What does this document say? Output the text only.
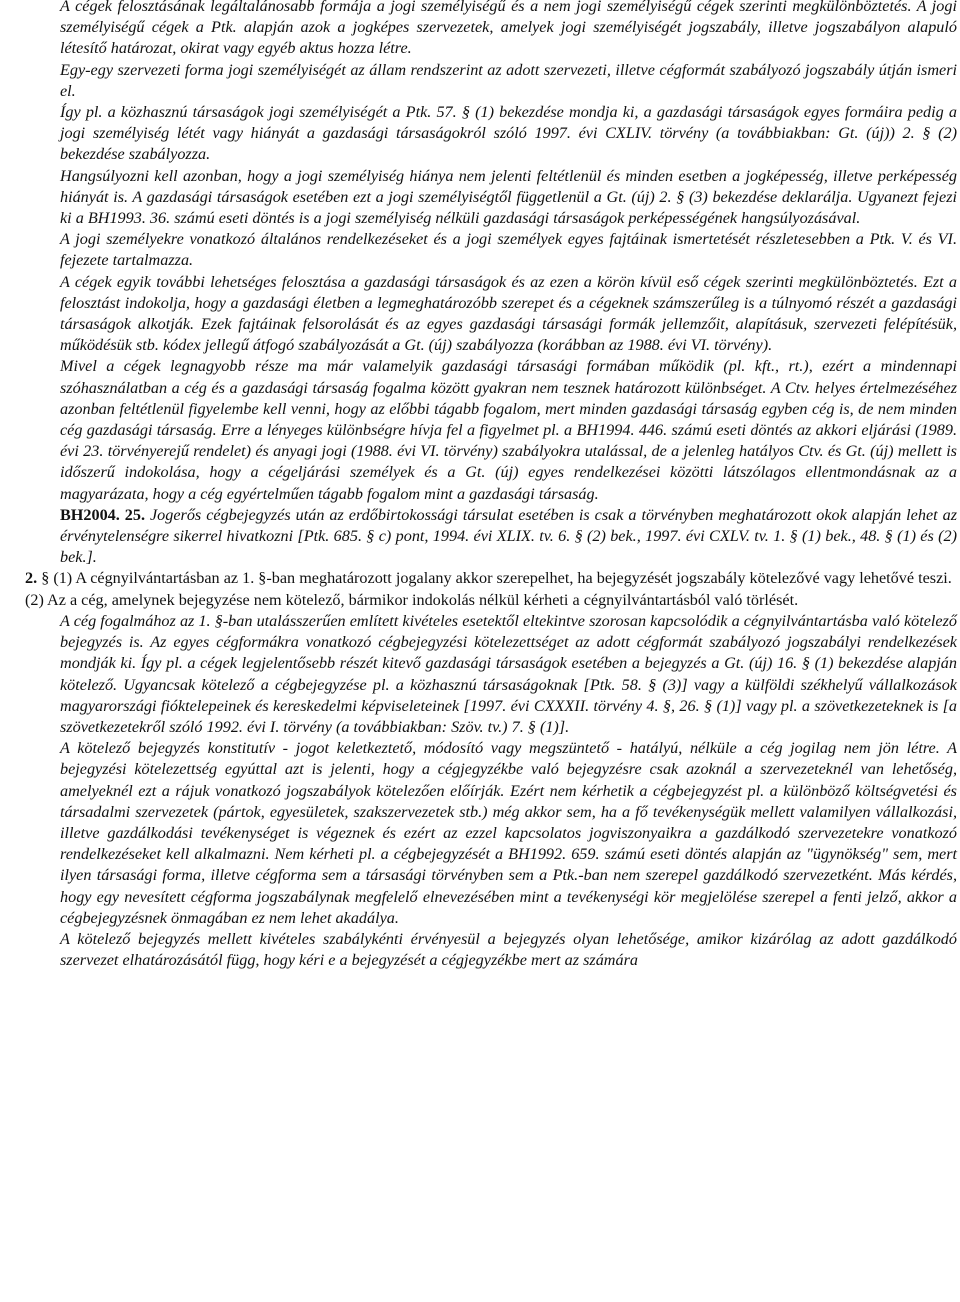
A cégek felosztásának legáltalánosabb formája a jogi személyiségű és a nem jogi személyiségű cégek szerinti megkülönböztetés. A jogi személyiségű cégek a Ptk. alapján azok a jogképes szervezetek, amelyek jogi személyiségét jogszabály, illetve jogszabályon alapuló létesítő határozat, okirat vagy egyéb aktus hozza létre.

Egy-egy szervezeti forma jogi személyiségét az állam rendszerint az adott szervezeti, illetve cégformát szabályozó jogszabály útján ismeri el.

Így pl. a közhasznú társaságok jogi személyiségét a Ptk. 57. § (1) bekezdése mondja ki, a gazdasági társaságok egyes formáira pedig a jogi személyiség létét vagy hiányát a gazdasági társaságokról szóló 1997. évi CXLIV. törvény (a továbbiakban: Gt. (új)) 2. § (2) bekezdése szabályozza.

Hangsúlyozni kell azonban, hogy a jogi személyiség hiánya nem jelenti feltétlenül és minden esetben a jogképesség, illetve perképesség hiányát is. A gazdasági társaságok esetében ezt a jogi személyiségtől függetlenül a Gt. (új) 2. § (3) bekezdése deklarálja. Ugyanezt fejezi ki a BH1993. 36. számú eseti döntés is a jogi személyiség nélküli gazdasági társaságok perképességének hangsúlyozásával.

A jogi személyekre vonatkozó általános rendelkezéseket és a jogi személyek egyes fajtáinak ismertetését részletesebben a Ptk. V. és VI. fejezete tartalmazza.

A cégek egyik további lehetséges felosztása a gazdasági társaságok és az ezen a körön kívül eső cégek szerinti megkülönböztetés. Ezt a felosztást indokolja, hogy a gazdasági életben a legmeghatározóbb szerepet és a cégeknek számszerűleg is a túlnyomó részét a gazdasági társaságok alkotják. Ezek fajtáinak felsorolását és az egyes gazdasági társasági formák jellemzőit, alapításuk, szervezeti felépítésük, működésük stb. kódex jellegű átfogó szabályozását a Gt. (új) szabályozza (korábban az 1988. évi VI. törvény).

Mivel a cégek legnagyobb része ma már valamelyik gazdasági társasági formában működik (pl. kft., rt.), ezért a mindennapi szóhasználatban a cég és a gazdasági társaság fogalma között gyakran nem tesznek határozott különbséget. A Ctv. helyes értelmezéséhez azonban feltétlenül figyelembe kell venni, hogy az előbbi tágabb fogalom, mert minden gazdasági társaság egyben cég is, de nem minden cég gazdasági társaság. Erre a lényeges különbségre hívja fel a figyelmet pl. a BH1994. 446. számú eseti döntés az akkori eljárási (1989. évi 23. törvényerejű rendelet) és anyagi jogi (1988. évi VI. törvény) szabályokra utalással, de a jelenleg hatályos Ctv. és Gt. (új) mellett is időszerű indokolása, hogy a cégeljárási személyek és a Gt. (új) egyes rendelkezései közötti látszólagos ellentmondásnak az a magyarázata, hogy a cég egyértelműen tágabb fogalom mint a gazdasági társaság.

BH2004. 25. Jogerős cégbejegyzés után az erdőbirtokossági társulat esetében is csak a törvényben meghatározott okok alapján lehet az érvénytelenségre sikerrel hivatkozni [Ptk. 685. § c) pont, 1994. évi XLIX. tv. 6. § (2) bek., 1997. évi CXLV. tv. 1. § (1) bek., 48. § (1) és (2) bek.].

2. § (1) A cégnyilvántartásban az 1. §-ban meghatározott jogalany akkor szerepelhet, ha bejegyzését jogszabály kötelezővé vagy lehetővé teszi.

(2) Az a cég, amelynek bejegyzése nem kötelező, bármikor indokolás nélkül kérheti a cégnyilvántartásból való törlését.

A cég fogalmához az 1. §-ban utalásszerűen említett kivételes esetektől eltekintve szorosan kapcsolódik a cégnyilvántartásba való kötelező bejegyzés is. Az egyes cégformákra vonatkozó cégbejegyzési kötelezettséget az adott cégformát szabályozó jogszabályi rendelkezések mondják ki. Így pl. a cégek legjelentősebb részét kitevő gazdasági társaságok esetében a bejegyzés a Gt. (új) 16. § (1) bekezdése alapján kötelező. Ugyancsak kötelező a cégbejegyzése pl. a közhasznú társaságoknak [Ptk. 58. § (3)] vagy a külföldi székhelyű vállalkozások magyarországi fióktelepeinek és kereskedelmi képviseleteinek [1997. évi CXXXII. törvény 4. §, 26. § (1)] vagy pl. a szövetkezeteknek is [a szövetkezetekről szóló 1992. évi I. törvény (a továbbiakban: Szöv. tv.) 7. § (1)].

A kötelező bejegyzés konstitutív - jogot keletkeztető, módosító vagy megszüntető - hatályú, nélküle a cég jogilag nem jön létre. A bejegyzési kötelezettség egyúttal azt is jelenti, hogy a cégjegyzékbe való bejegyzésre csak azoknál a szervezeteknél van lehetőség, amelyeknél ezt a rájuk vonatkozó jogszabályok kötelezően előírják. Ezért nem kérhetik a cégbejegyzést pl. a különböző költségvetési és társadalmi szervezetek (pártok, egyesületek, szakszervezetek stb.) még akkor sem, ha a fő tevékenységük mellett valamilyen vállalkozási, illetve gazdálkodási tevékenységet is végeznek és ezért az ezzel kapcsolatos jogviszonyaikra a gazdálkodó szervezetekre vonatkozó rendelkezéseket kell alkalmazni. Nem kérheti pl. a cégbejegyzését a BH1992. 659. számú eseti döntés alapján az "ügynökség" sem, mert ilyen társasági forma, illetve cégforma sem a társasági törvényben sem a Ptk.-ban nem szerepel gazdálkodó szervezetként. Más kérdés, hogy egy nevesített cégforma jogszabálynak megfelelő elnevezésében mint a tevékenységi kör megjelölése szerepel a fenti jelző, akkor a cégbejegyzésnek önmagában ez nem lehet akadálya.

A kötelező bejegyzés mellett kivételes szabálykénti érvényesül a bejegyzés olyan lehetősége, amikor kizárólag az adott gazdálkodó szervezet elhatározásától függ, hogy kéri e a bejegyzését a cégjegyzékbe mert az számára
